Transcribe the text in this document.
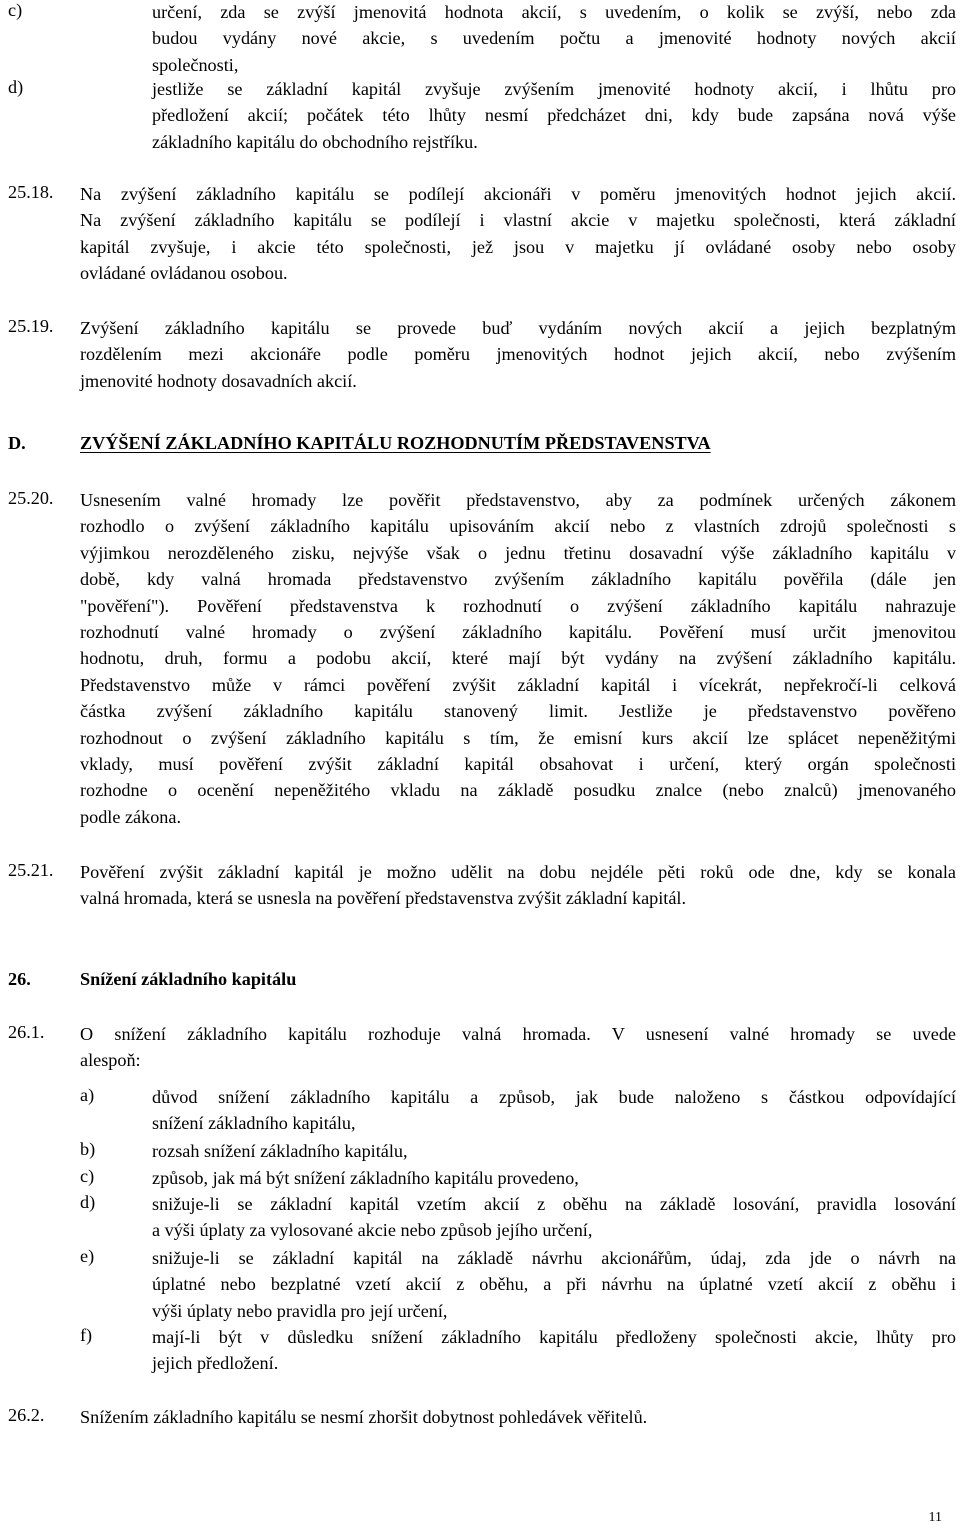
c)	určení, zda se zvýší jmenovitá hodnota akcií, s uvedením, o kolik se zvýší, nebo zda
budou vydány nové akcie, s uvedením počtu a jmenovité hodnoty nových akcií
společnosti,
d)	jestliže se základní kapitál zvyšuje zvýšením jmenovité hodnoty akcií, i lhůtu pro
předložení akcií; počátek této lhůty nesmí předcházet dni, kdy bude zapsána nová výše
základního kapitálu do obchodního rejstříku.
25.18. Na zvýšení základního kapitálu se podílejí akcionáři v poměru jmenovitých hodnot jejich akcií.
Na zvýšení základního kapitálu se podílejí i vlastní akcie v majetku společnosti, která základní
kapitál zvyšuje, i akcie této společnosti, jež jsou v majetku jí ovládané osoby nebo osoby
ovládané ovládanou osobou.
25.19. Zvýšení základního kapitálu se provede buď vydáním nových akcií a jejich bezplatným
rozdělením mezi akcionáře podle poměru jmenovitých hodnot jejich akcií, nebo zvýšením
jmenovité hodnoty dosavadních akcií.
D.	ZVÝŠENÍ ZÁKLADNÍHO KAPITÁLU ROZHODNUTÍM PŘEDSTAVENSTVA
25.20. Usnesením valné hromady lze pověřit představenstvo, aby za podmínek určených zákonem
rozhodlo o zvýšení základního kapitálu upisováním akcií nebo z vlastních zdrojů společnosti s
výjimkou nerozděleného zisku, nejvýše však o jednu třetinu dosavadní výše základního kapitálu v
době, kdy valná hromada představenstvo zvýšením základního kapitálu pověřila (dále jen
"pověření"). Pověření představenstva k rozhodnutí o zvýšení základního kapitálu nahrazuje
rozhodnutí valné hromady o zvýšení základního kapitálu. Pověření musí určit jmenovitou
hodnotu, druh, formu a podobu akcií, které mají být vydány na zvýšení základního kapitálu.
Představenstvo může v rámci pověření zvýšit základní kapitál i vícekrát, nepřekročí-li celková
částka zvýšení základního kapitálu stanovený limit. Jestliže je představenstvo pověřeno
rozhodnout o zvýšení základního kapitálu s tím, že emisní kurs akcií lze splácet nepeněžitými
vklady, musí pověření zvýšit základní kapitál obsahovat i určení, který orgán společnosti
rozhodne o ocenění nepeněžitého vkladu na základě posudku znalce (nebo znalců) jmenovaného
podle zákona.
25.21. Pověření zvýšit základní kapitál je možno udělit na dobu nejdéle pěti roků ode dne, kdy se konala
valná hromada, která se usnesla na pověření představenstva zvýšit základní kapitál.
26.	Snížení základního kapitálu
26.1. O snížení základního kapitálu rozhoduje valná hromada. V usnesení valné hromady se uvede
alespoň:
a)	důvod snížení základního kapitálu a způsob, jak bude naloženo s částkou odpovídající
snížení základního kapitálu,
b)	rozsah snížení základního kapitálu,
c)	způsob, jak má být snížení základního kapitálu provedeno,
d)	snižuje-li se základní kapitál vzetím akcií z oběhu na základě losování, pravidla losování
a výši úplaty za vylosované akcie nebo způsob jejího určení,
e)	snižuje-li se základní kapitál na základě návrhu akcionářům, údaj, zda jde o návrh na
úplatné nebo bezplatné vzetí akcií z oběhu, a při návrhu na úplatné vzetí akcií z oběhu i
výši úplaty nebo pravidla pro její určení,
f)	mají-li být v důsledku snížení základního kapitálu předloženy společnosti akcie, lhůty pro
jejich předložení.
26.2. Snížením základního kapitálu se nesmí zhoršit dobytnost pohledávek věřitelů.
11
